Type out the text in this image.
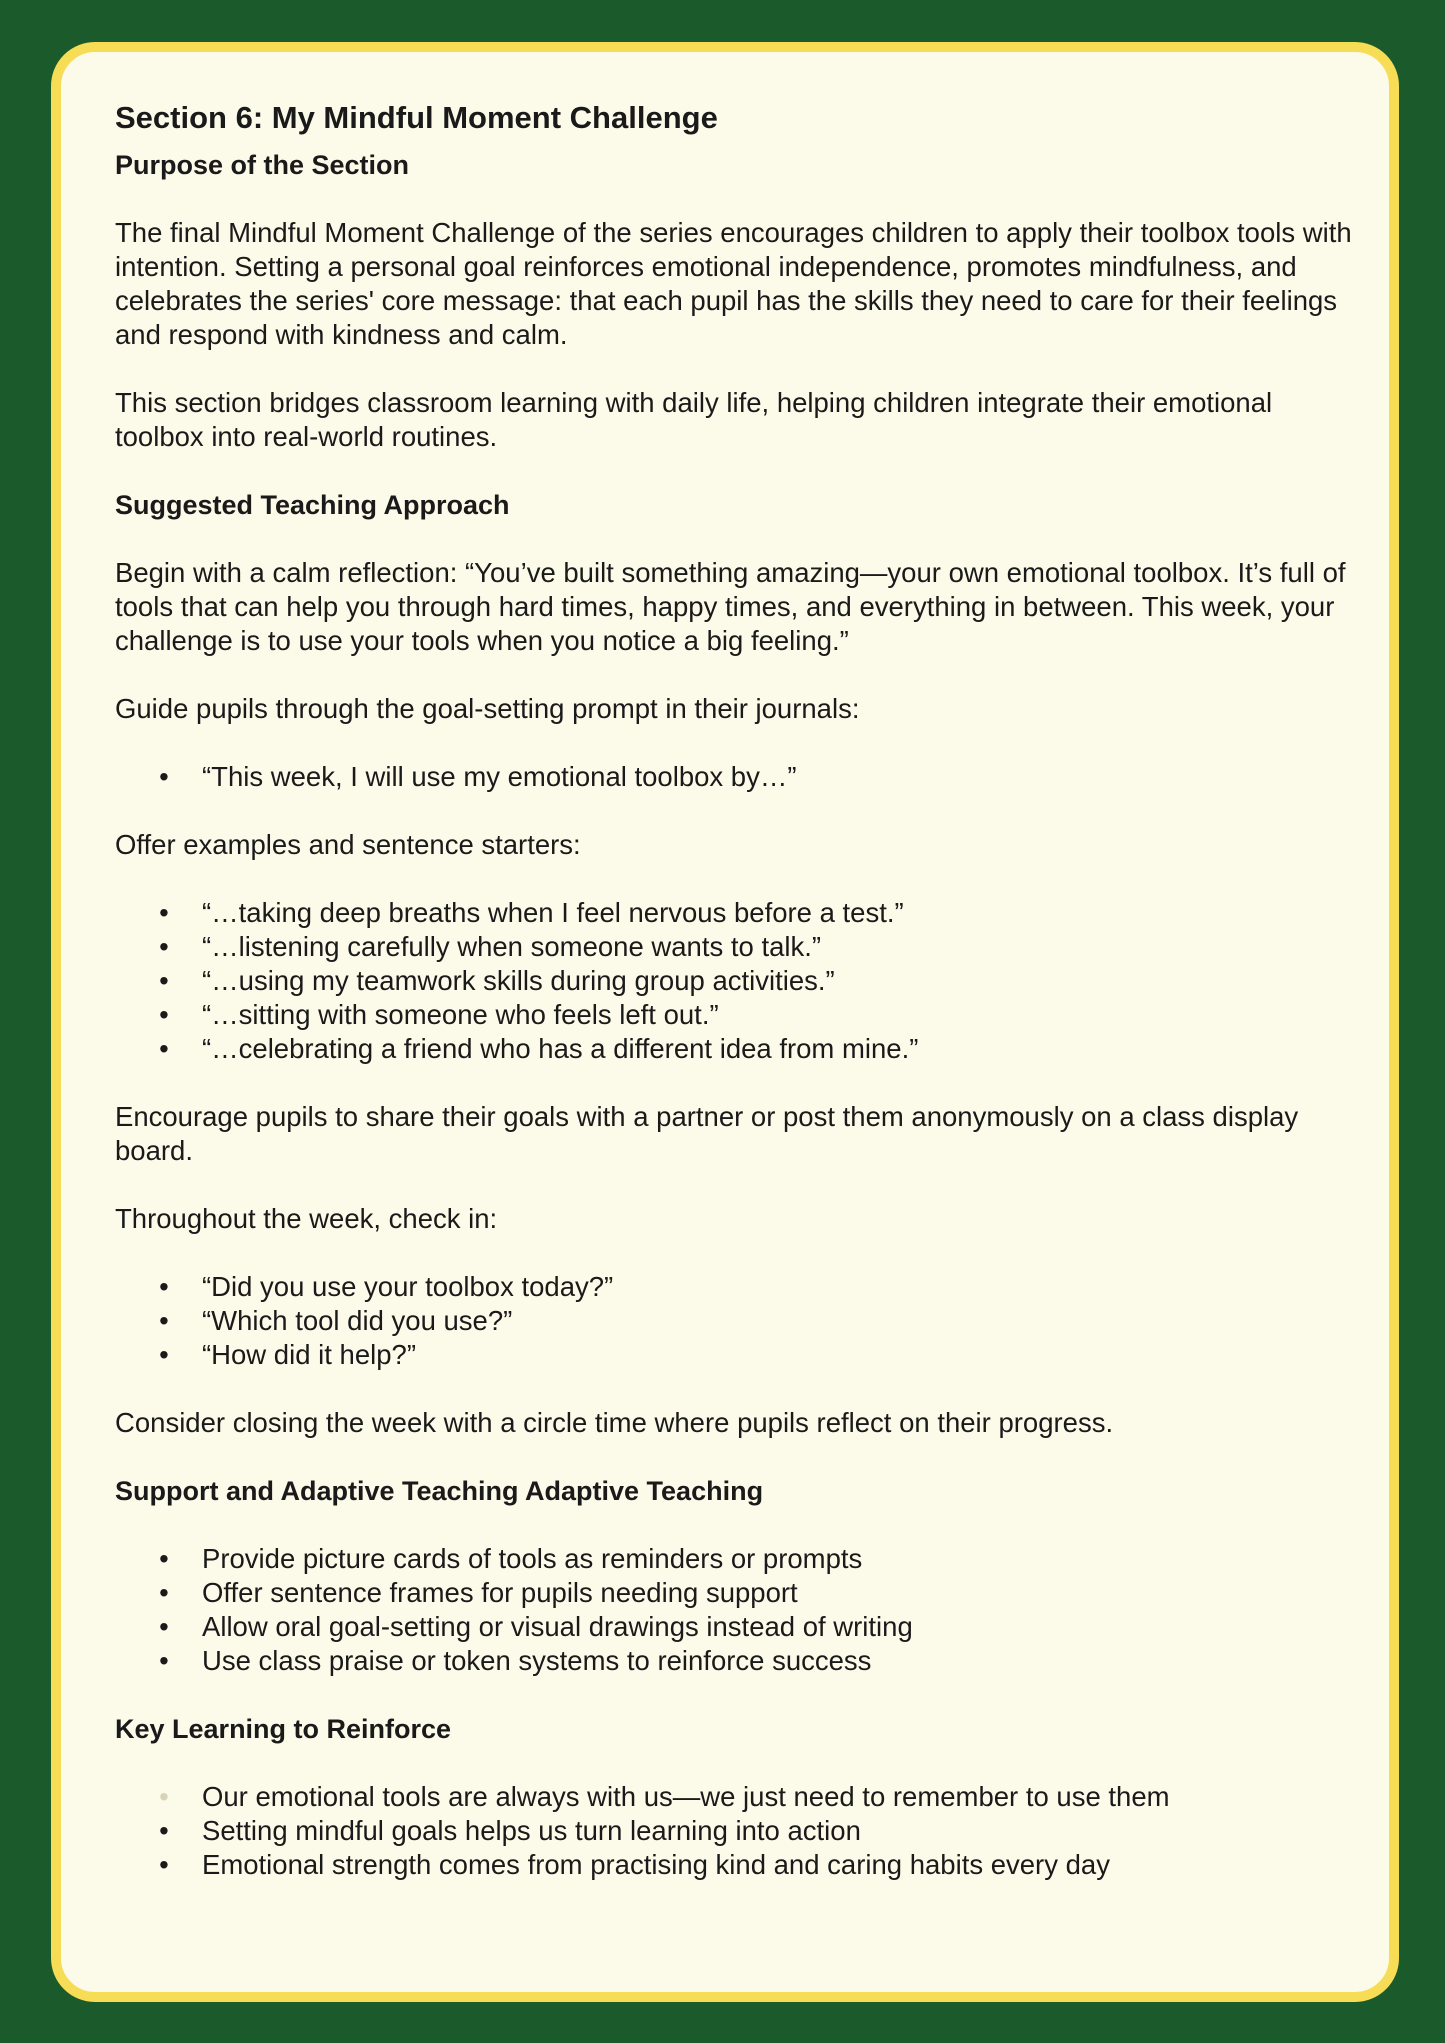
Section 6: My Mindful Moment Challenge
Purpose of the Section

The final Mindful Moment Challenge of the series encourages children to apply their toolbox tools with intention. Setting a personal goal reinforces emotional independence, promotes mindfulness, and celebrates the series' core message: that each pupil has the skills they need to care for their feelings and respond with kindness and calm.

This section bridges classroom learning with daily life, helping children integrate their emotional toolbox into real-world routines.

Suggested Teaching Approach

Begin with a calm reflection: “You’ve built something amazing—your own emotional toolbox. It’s full of tools that can help you through hard times, happy times, and everything in between. This week, your challenge is to use your tools when you notice a big feeling.”

Guide pupils through the goal-setting prompt in their journals:

• “This week, I will use my emotional toolbox by…”

Offer examples and sentence starters:

• “…taking deep breaths when I feel nervous before a test.”
• “…listening carefully when someone wants to talk.”
• “…using my teamwork skills during group activities.”
• “…sitting with someone who feels left out.”
• “…celebrating a friend who has a different idea from mine.”

Encourage pupils to share their goals with a partner or post them anonymously on a class display board.

Throughout the week, check in:

• “Did you use your toolbox today?”
• “Which tool did you use?”
• “How did it help?”

Consider closing the week with a circle time where pupils reflect on their progress.

Support and Adaptive Teaching Adaptive Teaching
• Provide picture cards of tools as reminders or prompts
• Offer sentence frames for pupils needing support
• Allow oral goal-setting or visual drawings instead of writing
• Use class praise or token systems to reinforce success
Key Learning to Reinforce
• Our emotional tools are always with us—we just need to remember to use them
• Setting mindful goals helps us turn learning into action
• Emotional strength comes from practising kind and caring habits every day
